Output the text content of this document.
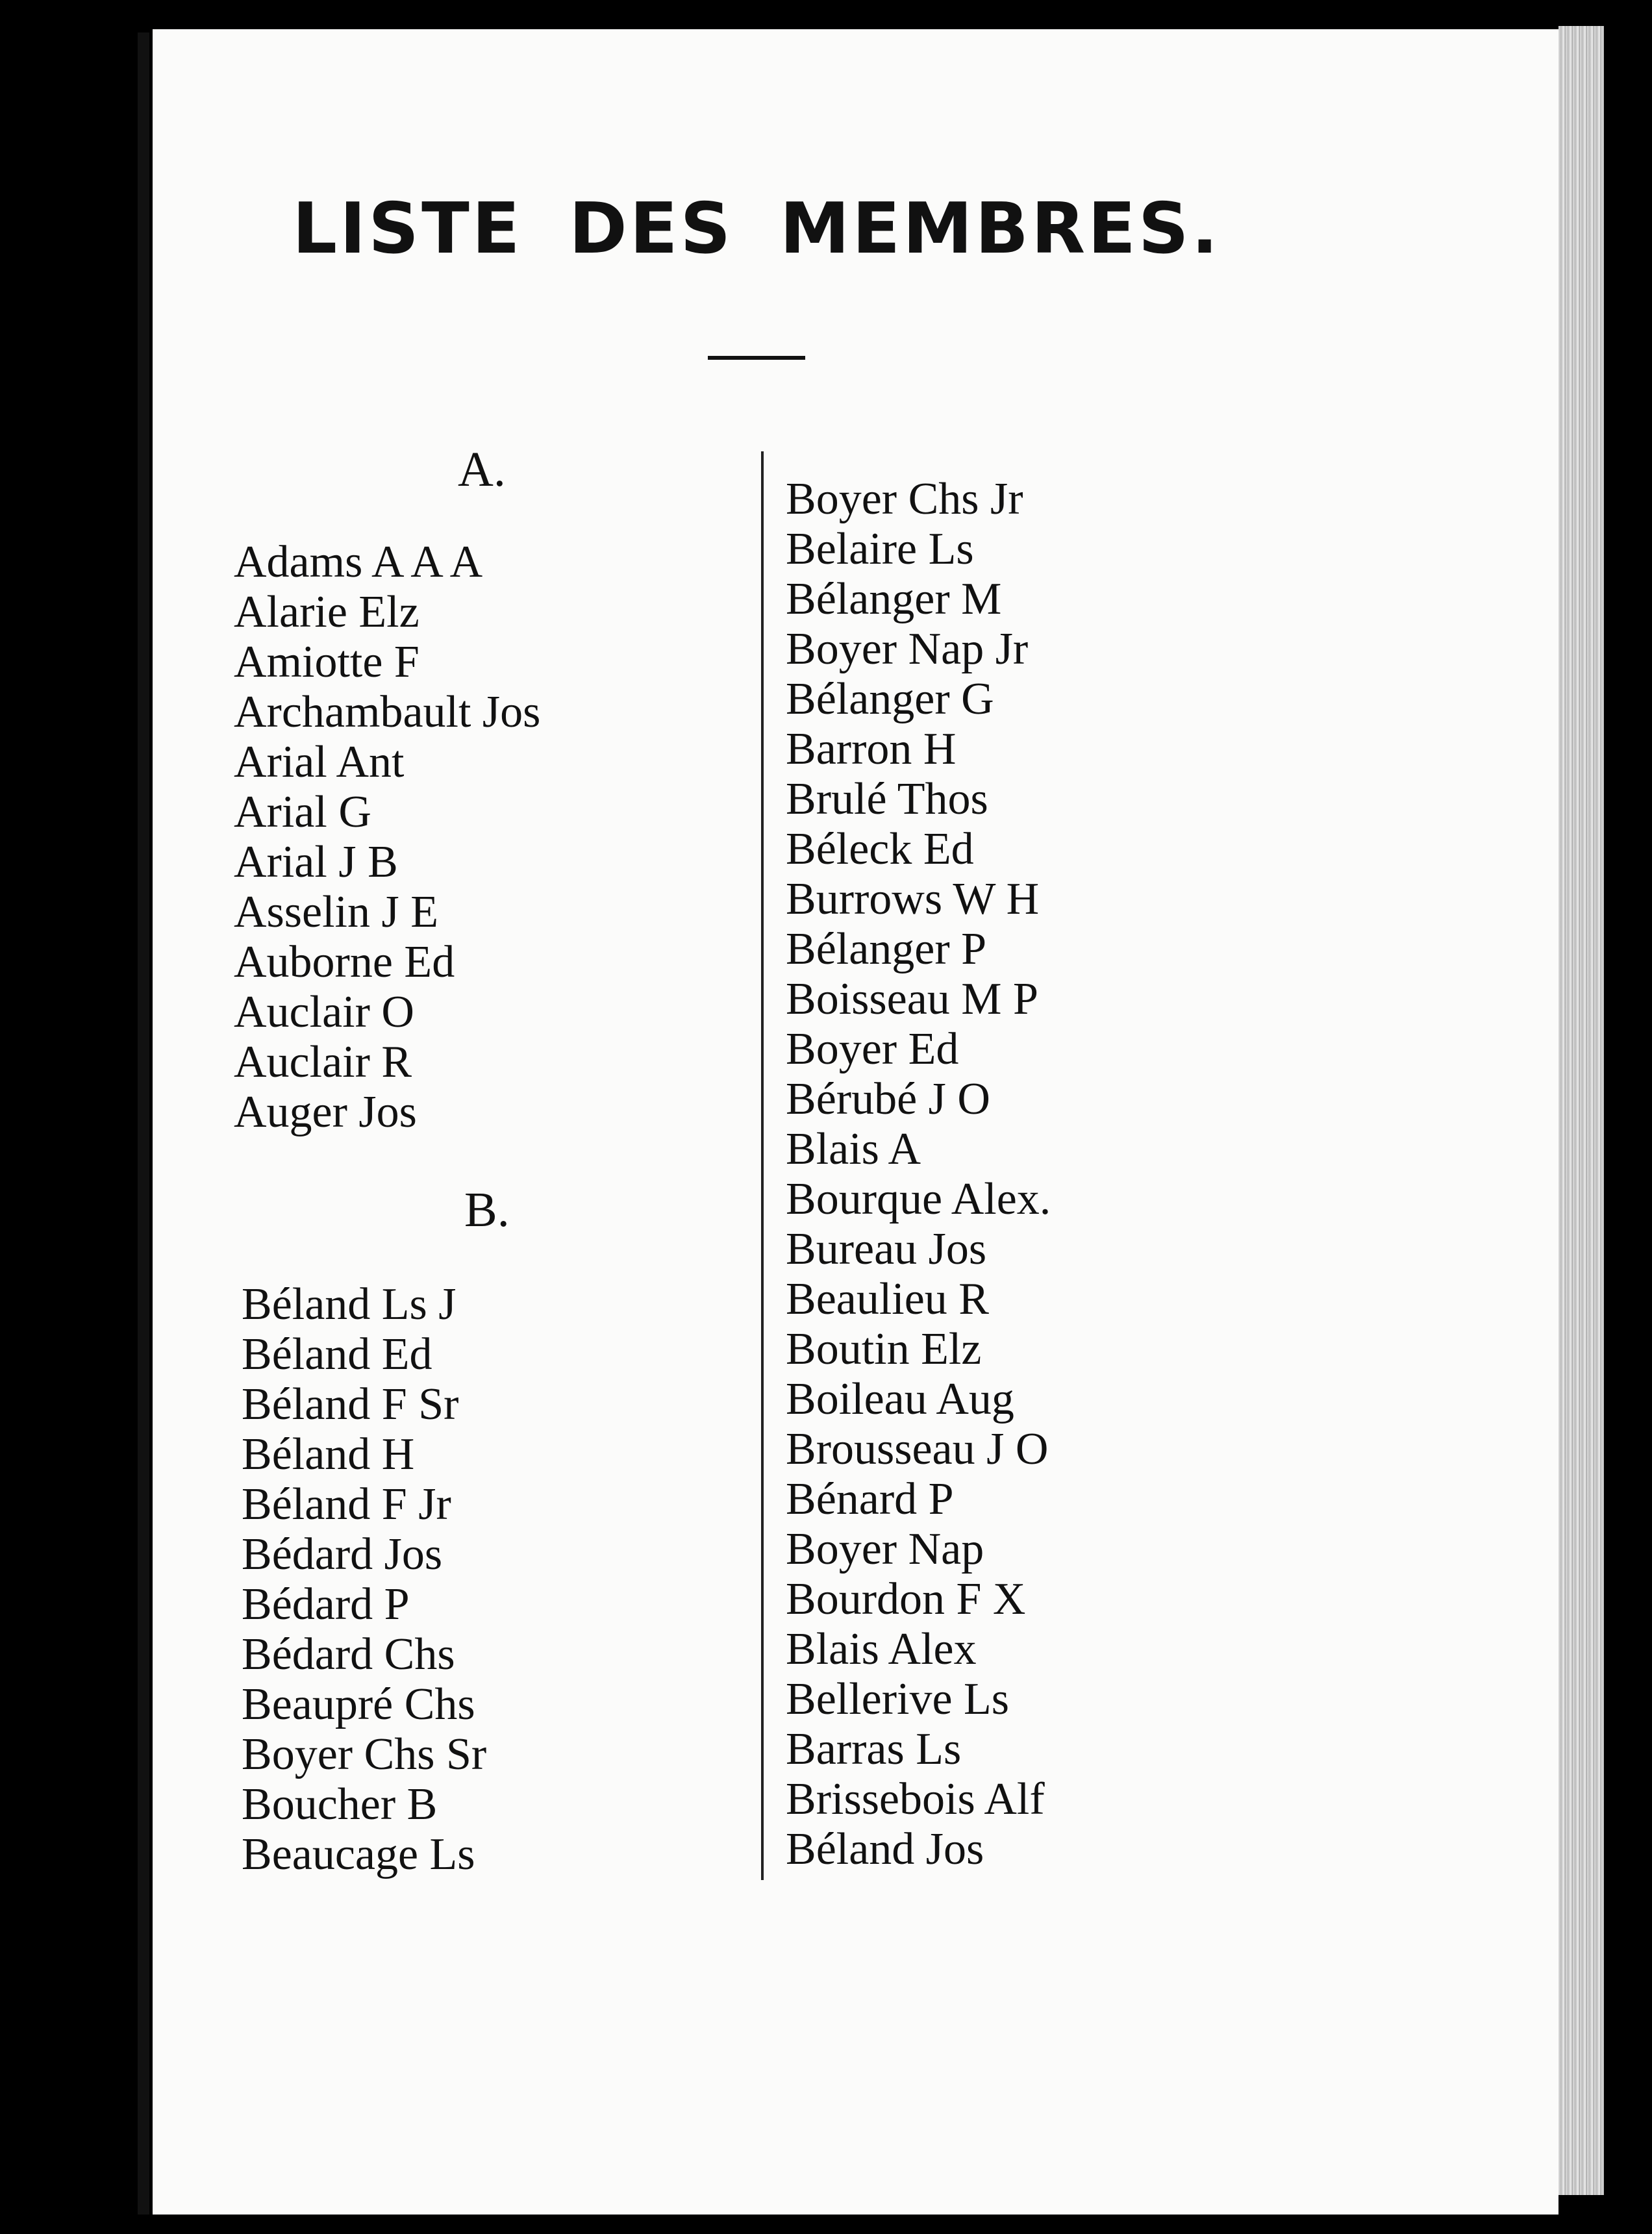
LISTE DES MEMBRES.
A.
Adams A A A
Alarie Elz
Amiotte F
Archambault Jos
Arial Ant
Arial G
Arial J B
Asselin J E
Auborne Ed
Auclair O
Auclair R
Auger Jos
B.
Béland Ls J
Béland Ed
Béland F Sr
Béland H
Béland F Jr
Bédard Jos
Bédard P
Bédard Chs
Beaupré Chs
Boyer Chs Sr
Boucher B
Beaucage Ls
Boyer Chs Jr
Belaire Ls
Bélanger M
Boyer Nap Jr
Bélanger G
Barron H
Brulé Thos
Béleck Ed
Burrows W H
Bélanger P
Boisseau M P
Boyer Ed
Bérubé J O
Blais A
Bourque Alex.
Bureau Jos
Beaulieu R
Boutin Elz
Boileau Aug
Brousseau J O
Bénard P
Boyer Nap
Bourdon F X
Blais Alex
Bellerive Ls
Barras Ls
Brissebois Alf
Béland Jos
